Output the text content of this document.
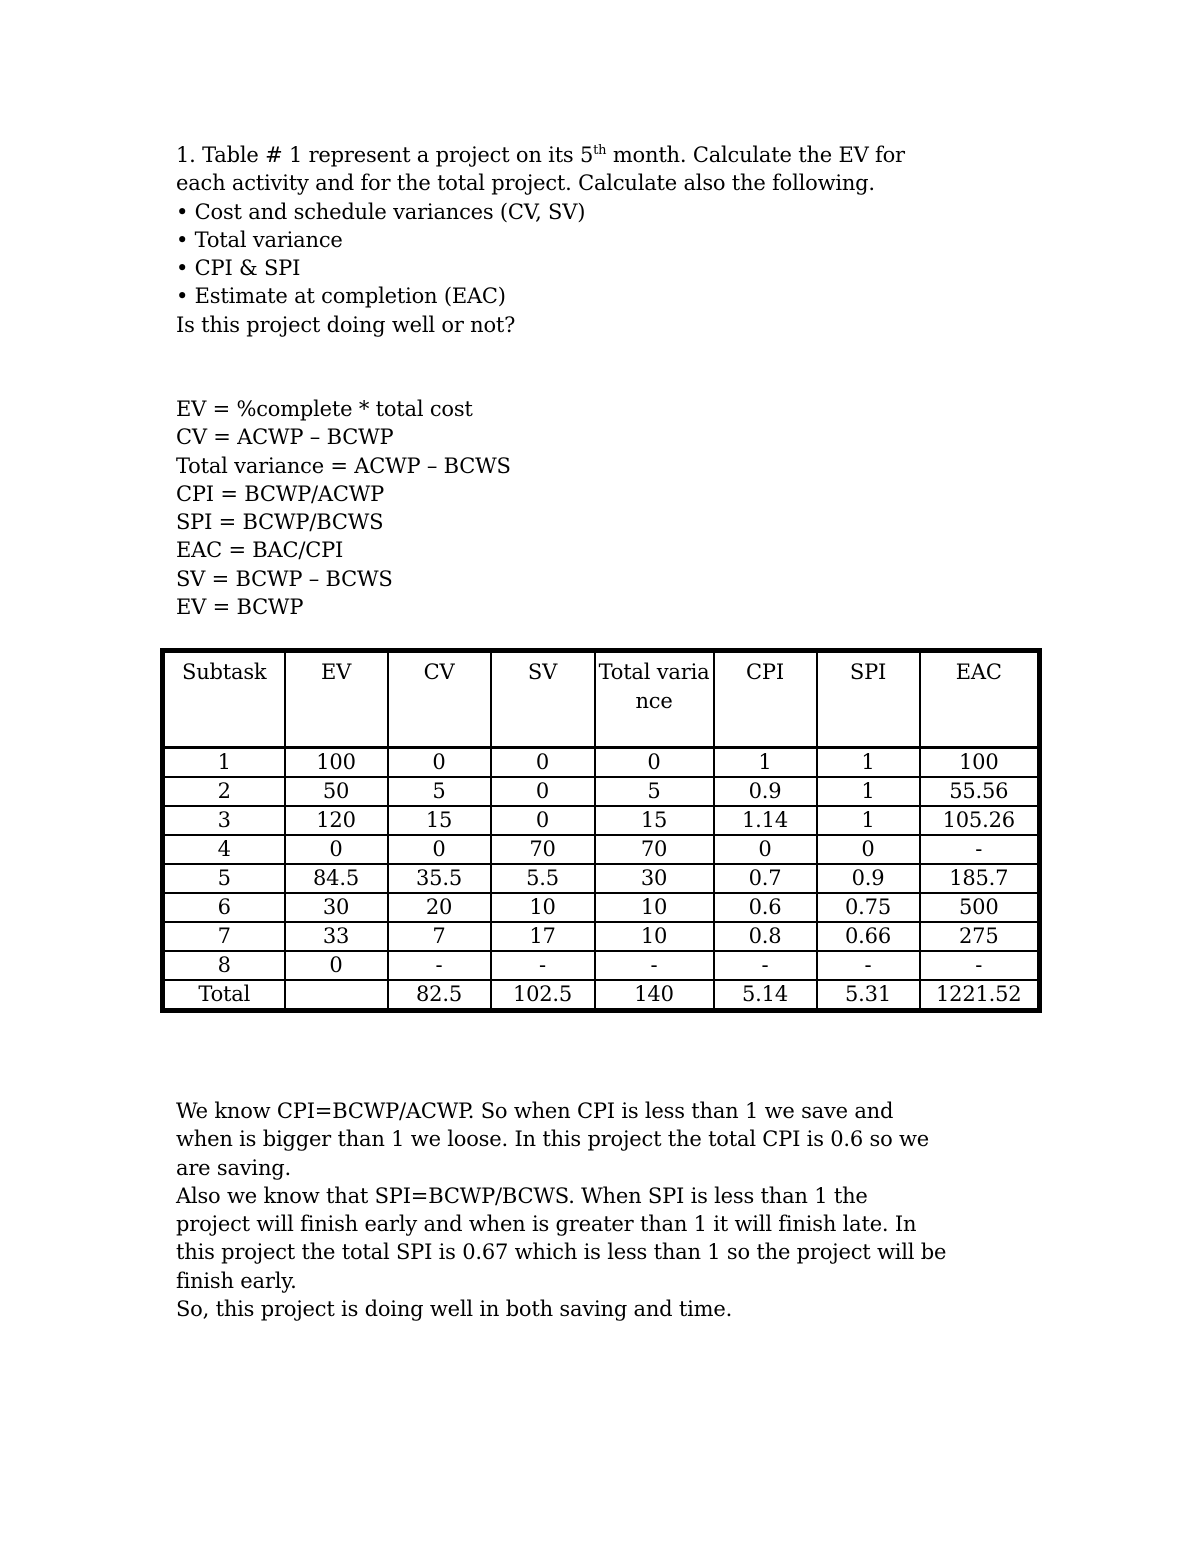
1. Table # 1 represent a project on its 5th month. Calculate the EV for
each activity and for the total project. Calculate also the following.
• Cost and schedule variances (CV, SV)
• Total variance
• CPI & SPI
• Estimate at completion (EAC)
Is this project doing well or not?
EV = %complete * total cost
CV = ACWP – BCWP
Total variance = ACWP – BCWS
CPI = BCWP/ACWP
SPI = BCWP/BCWS
EAC = BAC/CPI
SV = BCWP – BCWS
EV = BCWP
Subtask	EV	CV	SV	Total variance	CPI	SPI	EAC
1	100	0	0	0	1	1	100
2	50	5	0	5	0.9	1	55.56
3	120	15	0	15	1.14	1	105.26
4	0	0	70	70	0	0	-
5	84.5	35.5	5.5	30	0.7	0.9	185.7
6	30	20	10	10	0.6	0.75	500
7	33	7	17	10	0.8	0.66	275
8	0	-	-	-	-	-	-
Total		82.5	102.5	140	5.14	5.31	1221.52
We know CPI=BCWP/ACWP. So when CPI is less than 1 we save and
when is bigger than 1 we loose. In this project the total CPI is 0.6 so we
are saving.
Also we know that SPI=BCWP/BCWS. When SPI is less than 1 the
project will finish early and when is greater than 1 it will finish late. In
this project the total SPI is 0.67 which is less than 1 so the project will be
finish early.
So, this project is doing well in both saving and time.
